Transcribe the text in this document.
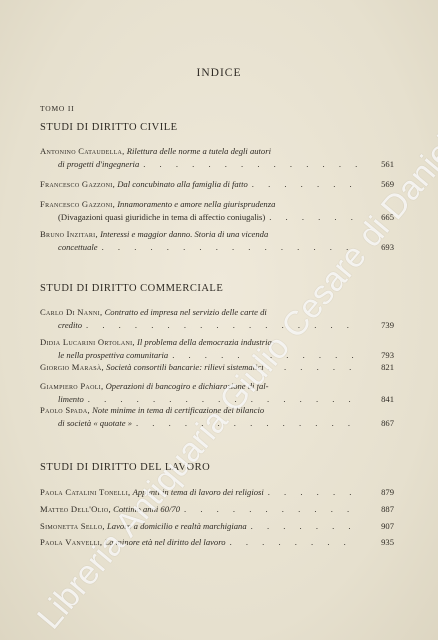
INDICE
TOMO II
STUDI DI DIRITTO CIVILE
Antonino Cataudella,
Rilettura delle norme a tutela degli autori
di progetti d'ingegneria . . .	561
Francesco Gazzoni,
Dal concubinato alla famiglia di fatto . . .	569
Francesco Gazzoni,
Innamoramento e amore nella giurisprudenza
(Divagazioni quasi giuridiche in tema di affectio coniugalis) . . .	665
Bruno Inzitari,
Interessi e maggior danno. Storia di una vicenda
concettuale . . .	693
STUDI DI DIRITTO COMMERCIALE
Carlo Di Nanni,
Contratto ed impresa nel servizio delle carte di
credito . . .	739
Didia Lucarini Ortolani,
Il problema della democrazia industria-
le nella prospettiva comunitaria . . .	793
Giorgio Marasà,
Società consortili bancarie: rilievi sistematici . . .	821
Giampiero Paoli,
Operazioni di bancogiro e dichiarazione di fal-
limento . . .	841
Paolo Spada,
Note minime in tema di certificazione del bilancio
di società « quotate » . . .	867
STUDI DI DIRITTO DEL LAVORO
Paola Catalini Tonelli,
Appunti in tema di lavoro dei religiosi . . .	879
Matteo Dell'Olio,
Cottimo anni 60/70 . . .	887
Simonetta Sello,
Lavoro a domicilio e realtà marchigiana . . .	907
Paola Vanvelli,
La minore età nel diritto del lavoro . . .	935
